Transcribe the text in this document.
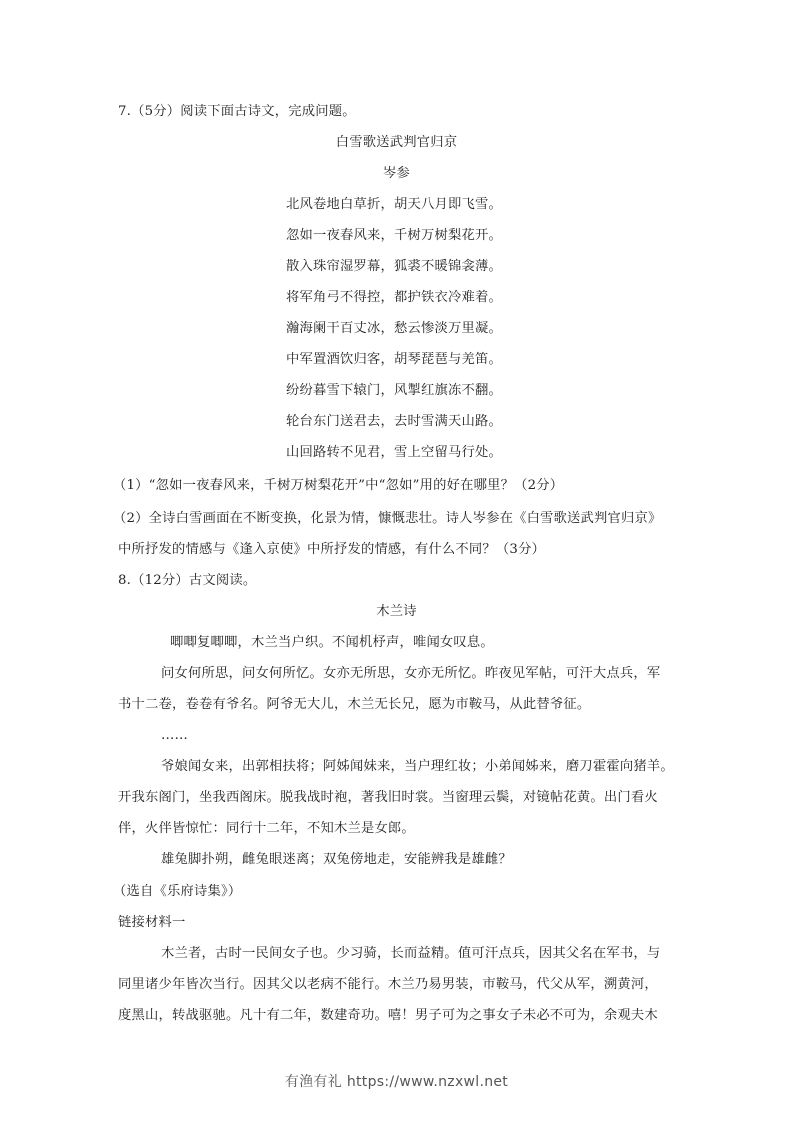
7.（5分）阅读下面古诗文，完成问题。
白雪歌送武判官归京
岑参
北风卷地白草折，胡天八月即飞雪。
忽如一夜春风来，千树万树梨花开。
散入珠帘湿罗幕，狐裘不暖锦衾薄。
将军角弓不得控，都护铁衣冷难着。
瀚海阑干百丈冰，愁云惨淡万里凝。
中军置酒饮归客，胡琴琵琶与羌笛。
纷纷暮雪下辕门，风掣红旗冻不翻。
轮台东门送君去，去时雪满天山路。
山回路转不见君，雪上空留马行处。
（1）“忽如一夜春风来，千树万树梨花开”中“忽如”用的好在哪里？（2分）
（2）全诗白雪画面在不断变换，化景为情，慷慨悲壮。诗人岑参在《白雪歌送武判官归京》
中所抒发的情感与《逢入京使》中所抒发的情感，有什么不同？（3分）
8.（12分）古文阅读。
木兰诗
唧唧复唧唧，木兰当户织。不闻机杼声，唯闻女叹息。
问女何所思，问女何所忆。女亦无所思，女亦无所忆。昨夜见军帖，可汗大点兵，军
书十二卷，卷卷有爷名。阿爷无大儿，木兰无长兄，愿为市鞍马，从此替爷征。
……
爷娘闻女来，出郭相扶将；阿姊闻妹来，当户理红妆；小弟闻姊来，磨刀霍霍向猪羊。
开我东阁门，坐我西阁床。脱我战时袍，著我旧时裳。当窗理云鬓，对镜帖花黄。出门看火
伴，火伴皆惊忙：同行十二年，不知木兰是女郎。
雄兔脚扑朔，雌兔眼迷离；双兔傍地走，安能辨我是雄雌？
（选自《乐府诗集》）
链接材料一
木兰者，古时一民间女子也。少习骑，长而益精。值可汗点兵，因其父名在军书，与
同里诸少年皆次当行。因其父以老病不能行。木兰乃易男装，市鞍马，代父从军，溯黄河，
度黑山，转战驱驰。凡十有二年，数建奇功。嘻！男子可为之事女子未必不可为，余观夫木
有渔有礼 https://www.nzxwl.net
